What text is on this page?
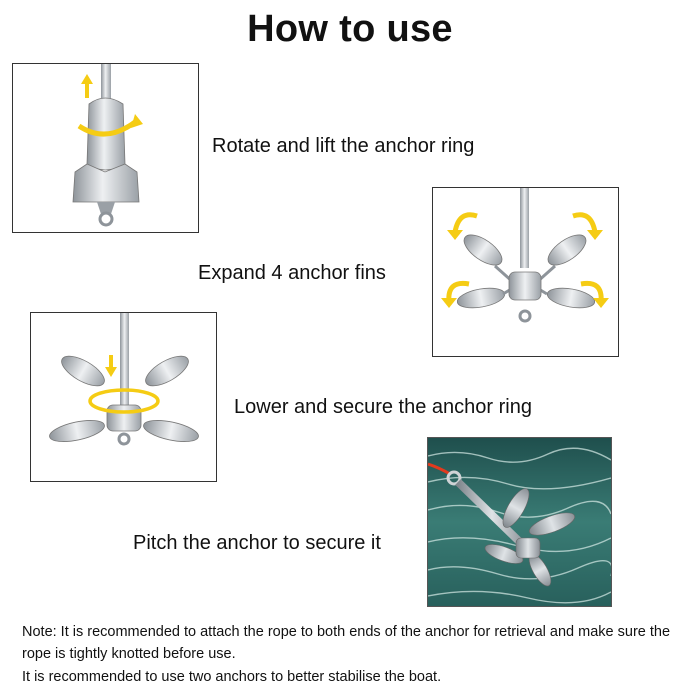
How to use
Rotate and lift the anchor ring
Expand 4 anchor fins
Lower and secure the anchor ring
Pitch the anchor to secure it
Note: It is recommended to attach the rope to both ends of the anchor for retrieval and make sure the rope is tightly knotted before use.
It is recommended to use two anchors to better stabilise the boat.
